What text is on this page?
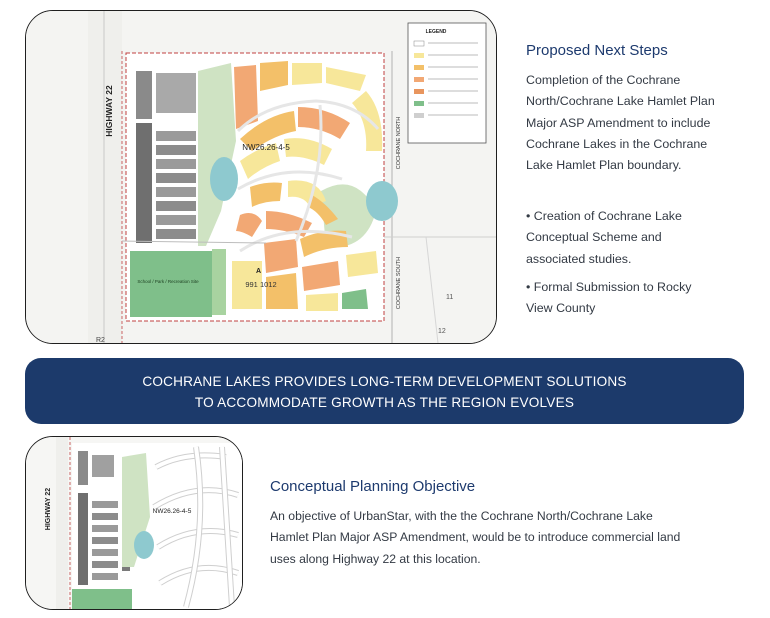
LEGEND
HIGHWAY 22
NW26.26-4-5
A
991 1012
COCHRANE NORTH
COCHRANE SOUTH
School / Park / Recreation Site
R2
11
12
Proposed Next Steps

Completion of the Cochrane North/Cochrane Lake Hamlet Plan Major ASP Amendment to include Cochrane Lakes in the Cochrane Lake Hamlet Plan boundary.

• Creation of Cochrane Lake Conceptual Scheme and associated studies.

• Formal Submission to Rocky View County

COCHRANE LAKES PROVIDES LONG-TERM DEVELOPMENT SOLUTIONS
TO ACCOMMODATE GROWTH AS THE REGION EVOLVES
HIGHWAY 22	NW26.26-4-5
Conceptual Planning Objective

An objective of UrbanStar, with the the Cochrane North/Cochrane Lake Hamlet Plan Major ASP Amendment, would be to introduce commercial land uses along Highway 22 at this location.
